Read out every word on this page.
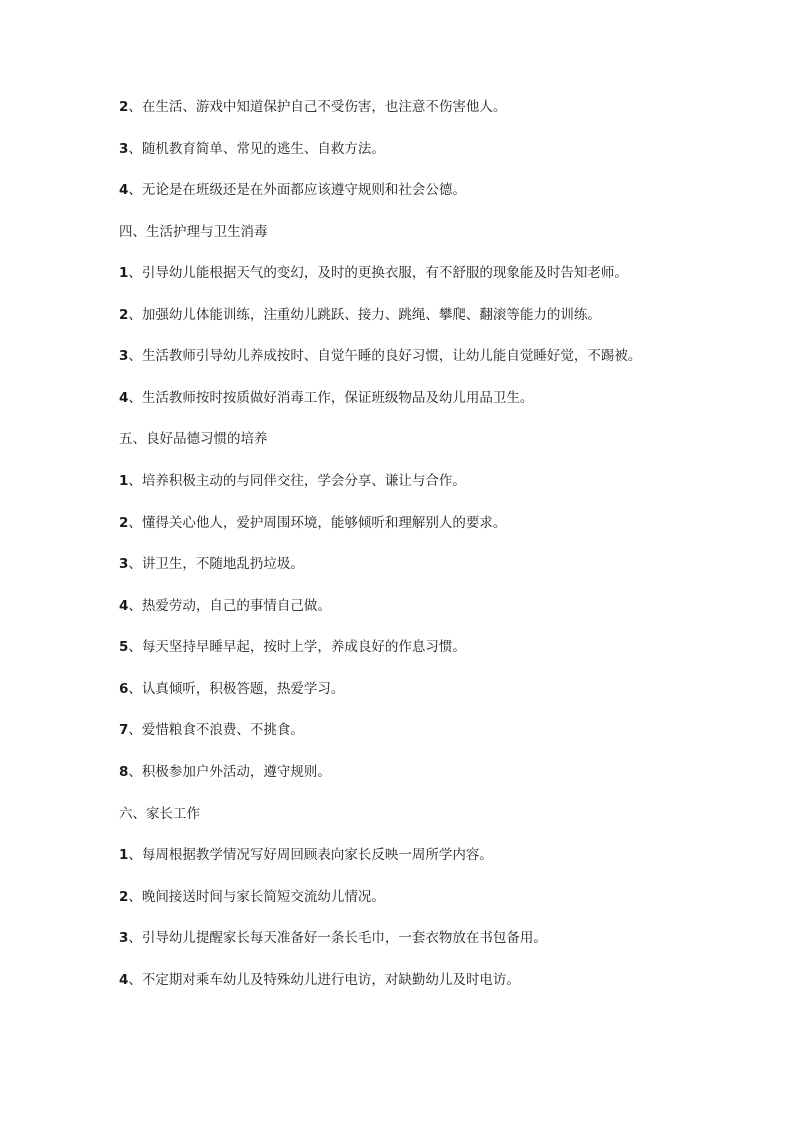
2、在生活、游戏中知道保护自己不受伤害，也注意不伤害他人。
3、随机教育简单、常见的逃生、自救方法。
4、无论是在班级还是在外面都应该遵守规则和社会公德。
四、生活护理与卫生消毒
1、引导幼儿能根据天气的变幻，及时的更换衣服，有不舒服的现象能及时告知老师。
2、加强幼儿体能训练，注重幼儿跳跃、接力、跳绳、攀爬、翻滚等能力的训练。
3、生活教师引导幼儿养成按时、自觉午睡的良好习惯，让幼儿能自觉睡好觉，不踢被。
4、生活教师按时按质做好消毒工作，保证班级物品及幼儿用品卫生。
五、良好品德习惯的培养
1、培养积极主动的与同伴交往，学会分享、谦让与合作。
2、懂得关心他人，爱护周围环境，能够倾听和理解别人的要求。
3、讲卫生，不随地乱扔垃圾。
4、热爱劳动，自己的事情自己做。
5、每天坚持早睡早起，按时上学，养成良好的作息习惯。
6、认真倾听，积极答题，热爱学习。
7、爱惜粮食不浪费、不挑食。
8、积极参加户外活动，遵守规则。
六、家长工作
1、每周根据教学情况写好周回顾表向家长反映一周所学内容。
2、晚间接送时间与家长简短交流幼儿情况。
3、引导幼儿提醒家长每天准备好一条长毛巾，一套衣物放在书包备用。
4、不定期对乘车幼儿及特殊幼儿进行电访，对缺勤幼儿及时电访。
